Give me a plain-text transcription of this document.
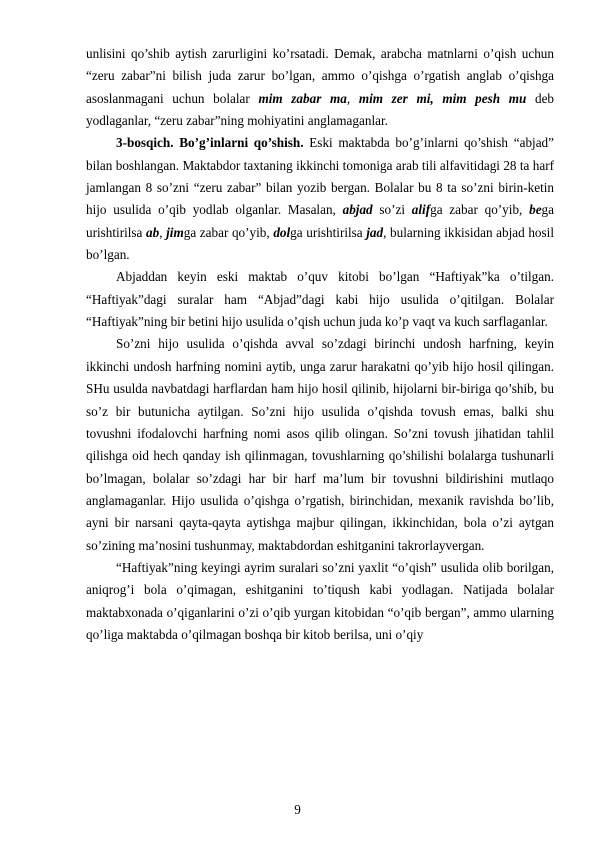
unlisini qo’shib aytish zarurligini ko’rsatadi. Demak, arabcha matnlarni o’qish uchun “zeru zabar”ni bilish juda zarur bo’lgan, ammo o’qishga o’rgatish anglab o’qishga asoslanmagani uchun bolalar mim zabar ma, mim zer mi, mim pesh mu deb yodlaganlar, “zeru zabar”ning mohiyatini anglamaganlar.

3-bosqich. Bo’g’inlarni qo’shish. Eski maktabda bo’g’inlarni qo’shish “abjad” bilan boshlangan. Maktabdor taxtaning ikkinchi tomoniga arab tili alfavitidagi 28 ta harf jamlangan 8 so’zni “zeru zabar” bilan yozib bergan. Bolalar bu 8 ta so’zni birin-ketin hijo usulida o’qib yodlab olganlar. Masalan, abjad so’zi alifga zabar qo’yib, bega urishtirilsa ab, jimga zabar qo’yib, dolga urishtirilsa jad, bularning ikkisidan abjad hosil bo’lgan.

Abjaddan keyin eski maktab o’quv kitobi bo’lgan “Haftiyak”ka o’tilgan. “Haftiyak”dagi suralar ham “Abjad”dagi kabi hijo usulida o’qitilgan. Bolalar “Haftiyak”ning bir betini hijo usulida o’qish uchun juda ko’p vaqt va kuch sarflaganlar.

So’zni hijo usulida o’qishda avval so’zdagi birinchi undosh harfning, keyin ikkinchi undosh harfning nomini aytib, unga zarur harakatni qo’yib hijo hosil qilingan. SHu usulda navbatdagi harflardan ham hijo hosil qilinib, hijolarni bir-biriga qo’shib, bu so’z bir butunicha aytilgan. So’zni hijo usulida o’qishda tovush emas, balki shu tovushni ifodalovchi harfning nomi asos qilib olingan. So’zni tovush jihatidan tahlil qilishga oid hech qanday ish qilinmagan, tovushlarning qo’shilishi bolalarga tushunarli bo’lmagan, bolalar so’zdagi har bir harf ma’lum bir tovushni bildirishini mutlaqo anglamaganlar. Hijo usulida o’qishga o’rgatish, birinchidan, mexanik ravishda bo’lib, ayni bir narsani qayta-qayta aytishga majbur qilingan, ikkinchidan, bola o’zi aytgan so’zining ma’nosini tushunmay, maktabdordan eshitganini takrorlayvergan.

“Haftiyak”ning keyingi ayrim suralari so’zni yaxlit “o’qish” usulida olib borilgan, aniqrog’i bola o’qimagan, eshitganini to’tiqush kabi yodlagan. Natijada bolalar maktabxonada o’qiganlarini o’zi o’qib yurgan kitobidan “o’qib bergan”, ammo ularning qo’liga maktabda o’qilmagan boshqa bir kitob berilsa, uni o’qiy

9
